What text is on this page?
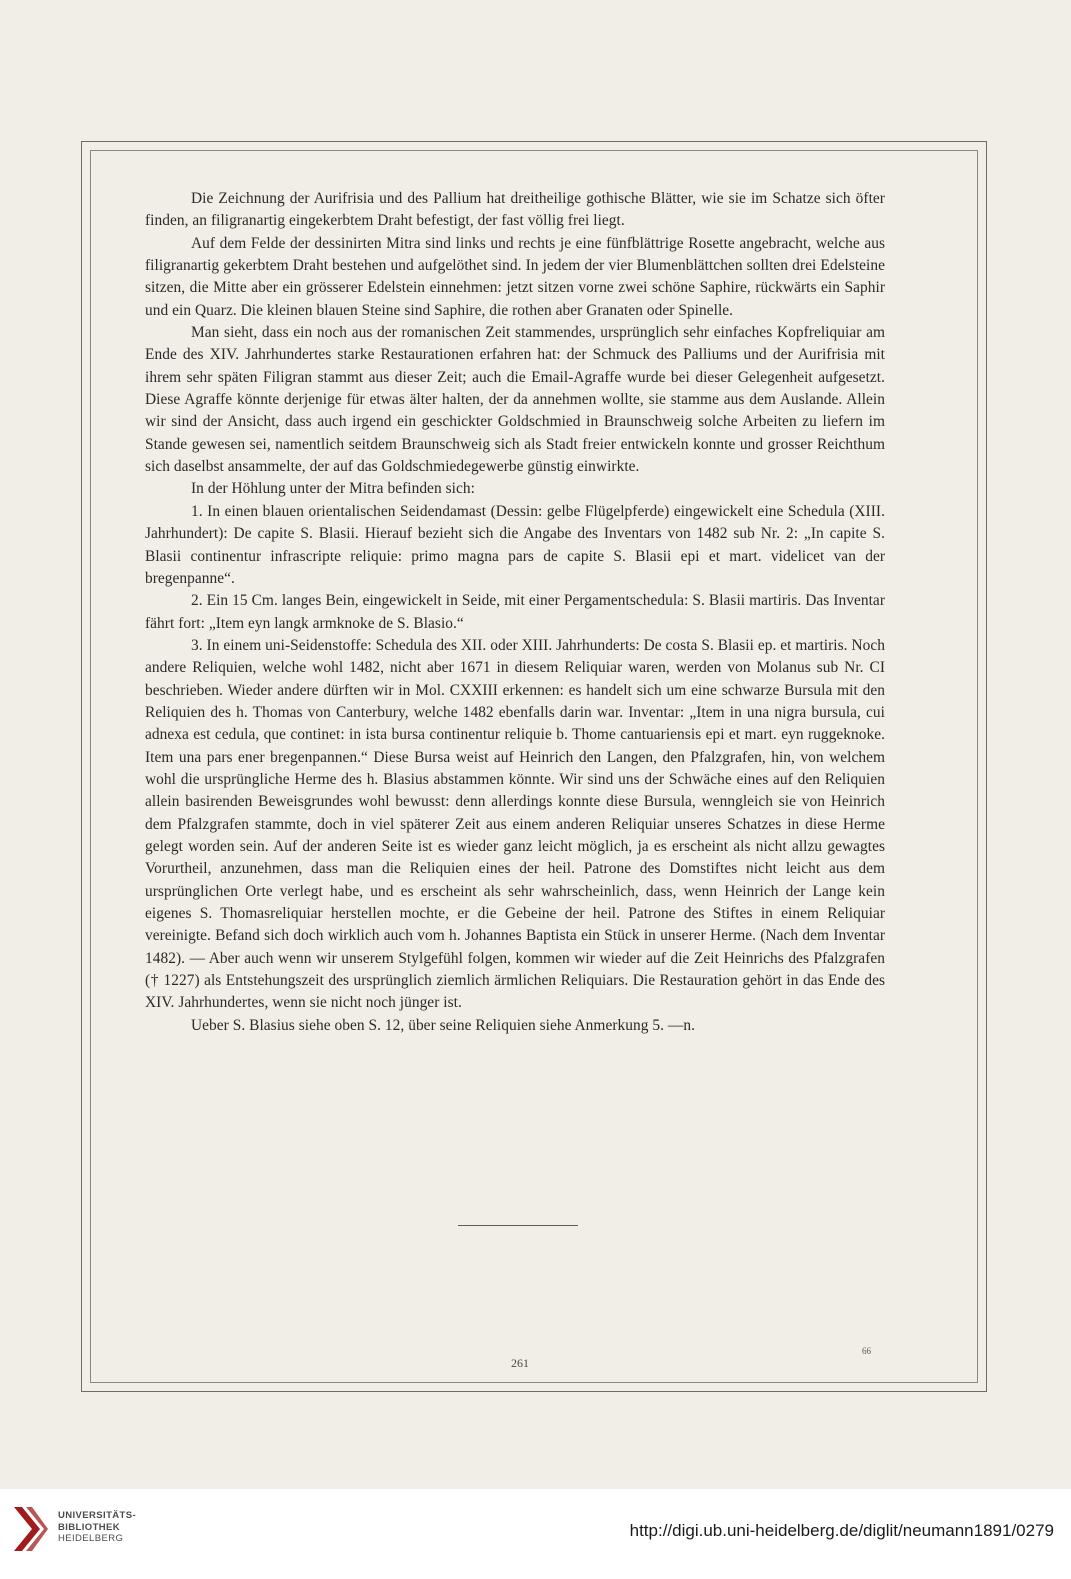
Die Zeichnung der Aurifrisia und des Pallium hat dreitheilige gothische Blätter, wie sie im Schatze sich öfter finden, an filigranartig eingekerbtem Draht befestigt, der fast völlig frei liegt.

Auf dem Felde der dessinirten Mitra sind links und rechts je eine fünfblättrige Rosette angebracht, welche aus filigranartig gekerbtem Draht bestehen und aufgelöthet sind. In jedem der vier Blumenblättchen sollten drei Edelsteine sitzen, die Mitte aber ein grösserer Edelstein einnehmen: jetzt sitzen vorne zwei schöne Saphire, rückwärts ein Saphir und ein Quarz. Die kleinen blauen Steine sind Saphire, die rothen aber Granaten oder Spinelle.

Man sieht, dass ein noch aus der romanischen Zeit stammendes, ursprünglich sehr einfaches Kopfreliquiar am Ende des XIV. Jahrhundertes starke Restaurationen erfahren hat: der Schmuck des Palliums und der Aurifrisia mit ihrem sehr späten Filigran stammt aus dieser Zeit; auch die Email-Agraffe wurde bei dieser Gelegenheit aufgesetzt. Diese Agraffe könnte derjenige für etwas älter halten, der da annehmen wollte, sie stamme aus dem Auslande. Allein wir sind der Ansicht, dass auch irgend ein geschickter Goldschmied in Braunschweig solche Arbeiten zu liefern im Stande gewesen sei, namentlich seitdem Braunschweig sich als Stadt freier entwickeln konnte und grosser Reichthum sich daselbst ansammelte, der auf das Goldschmiedegewerbe günstig einwirkte.

In der Höhlung unter der Mitra befinden sich:

1. In einen blauen orientalischen Seidendamast (Dessin: gelbe Flügelpferde) eingewickelt eine Schedula (XIII. Jahrhundert): De capite S. Blasii. Hierauf bezieht sich die Angabe des Inventars von 1482 sub Nr. 2: „In capite S. Blasii continentur infrascripte reliquie: primo magna pars de capite S. Blasii epi et mart. videlicet van der bregenpanne“.

2. Ein 15 Cm. langes Bein, eingewickelt in Seide, mit einer Pergamentschedula: S. Blasii martiris. Das Inventar fährt fort: „Item eyn langk armknoke de S. Blasio.“

3. In einem uni-Seidenstoffe: Schedula des XII. oder XIII. Jahrhunderts: De costa S. Blasii ep. et martiris. Noch andere Reliquien, welche wohl 1482, nicht aber 1671 in diesem Reliquiar waren, werden von Molanus sub Nr. CI beschrieben. Wieder andere dürften wir in Mol. CXXIII erkennen: es handelt sich um eine schwarze Bursula mit den Reliquien des h. Thomas von Canterbury, welche 1482 ebenfalls darin war. Inventar: „Item in una nigra bursula, cui adnexa est cedula, que continet: in ista bursa continentur reliquie b. Thome cantuariensis epi et mart. eyn ruggeknoke. Item una pars ener bregenpannen.“ Diese Bursa weist auf Heinrich den Langen, den Pfalzgrafen, hin, von welchem wohl die ursprüngliche Herme des h. Blasius abstammen könnte. Wir sind uns der Schwäche eines auf den Reliquien allein basirenden Beweisgrundes wohl bewusst: denn allerdings konnte diese Bursula, wenngleich sie von Heinrich dem Pfalzgrafen stammte, doch in viel späterer Zeit aus einem anderen Reliquiar unseres Schatzes in diese Herme gelegt worden sein. Auf der anderen Seite ist es wieder ganz leicht möglich, ja es erscheint als nicht allzu gewagtes Vorurtheil, anzunehmen, dass man die Reliquien eines der heil. Patrone des Domstiftes nicht leicht aus dem ursprünglichen Orte verlegt habe, und es erscheint als sehr wahrscheinlich, dass, wenn Heinrich der Lange kein eigenes S. Thomasreliquiar herstellen mochte, er die Gebeine der heil. Patrone des Stiftes in einem Reliquiar vereinigte. Befand sich doch wirklich auch vom h. Johannes Baptista ein Stück in unserer Herme. (Nach dem Inventar 1482). — Aber auch wenn wir unserem Stylgefühl folgen, kommen wir wieder auf die Zeit Heinrichs des Pfalzgrafen († 1227) als Entstehungszeit des ursprünglich ziemlich ärmlichen Reliquiars. Die Restauration gehört in das Ende des XIV. Jahrhundertes, wenn sie nicht noch jünger ist.

Ueber S. Blasius siehe oben S. 12, über seine Reliquien siehe Anmerkung 5. —n.

261
66
UNIVERSITÄTS-
BIBLIOTHEK
HEIDELBERG	http://digi.ub.uni-heidelberg.de/diglit/neumann1891/0279
